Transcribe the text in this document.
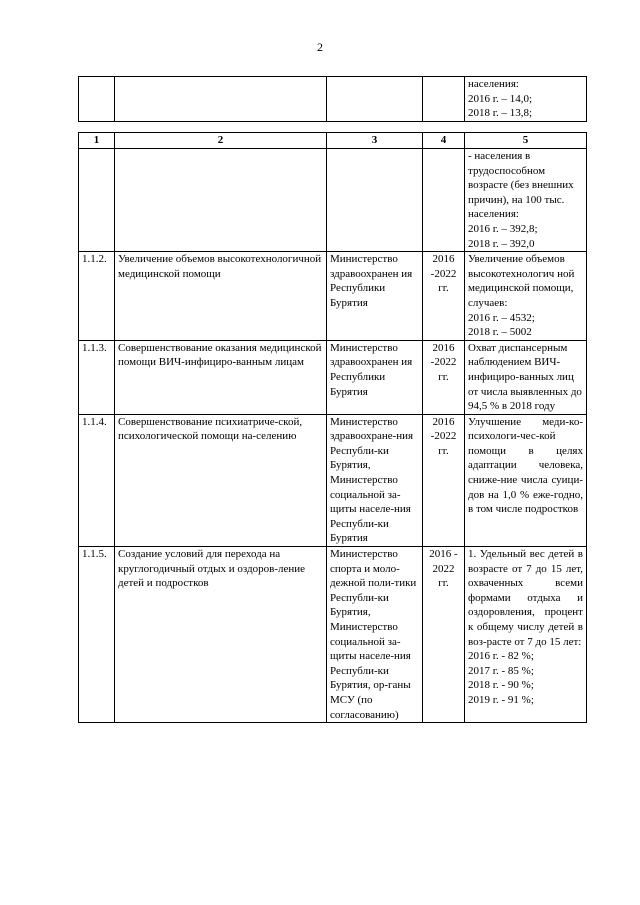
2
				населения:
2016 г. – 14,0;
2018 г. – 13,8;
1	2	3	4	5
				- населения в трудоспособном возрасте (без внешних причин), на 100 тыс. населения:
2016 г. – 392,8;
2018 г. – 392,0
1.1.2.	Увеличение объемов высокотехнологичной медицинской помощи	Министерство здравоохранен ия Республики Бурятия	2016 -2022 гг.	Увеличение объемов высокотехнологич ной медицинской помощи, случаев:
2016 г. – 4532;
2018 г. – 5002
1.1.3.	Совершенствование оказания медицинской помощи ВИЧ-инфициро-ванным лицам	Министерство здравоохранен ия Республики Бурятия	2016 -2022 гг.	Охват диспансерным наблюдением ВИЧ-инфициро-ванных лиц от числа выявленных до 94,5 % в 2018 году
1.1.4.	Совершенствование психиатриче-ской, психологической помощи на-селению	Министерство здравоохране-ния Республи-ки Бурятия, Министерство социальной за-щиты населе-ния Республи-ки Бурятия	2016 -2022 гг.	Улучшение меди-ко-психологи-чес-кой помощи в целях адаптации человека, сниже-ние числа суици-дов на 1,0 % еже-годно, в том числе подростков
1.1.5.	Создание условий для перехода на круглогодичный отдых и оздоров-ление детей и подростков	Министерство спорта и моло-дежной поли-тики Республи-ки Бурятия, Министерство социальной за-щиты населе-ния Республи-ки Бурятия, ор-ганы МСУ (по согласованию)	2016 - 2022 гг.	1. Удельный вес детей в возрасте от 7 до 15 лет, охваченных всеми формами отдыха и оздоровления, процент к общему числу детей в воз-расте от 7 до 15 лет:
2016 г. - 82 %;
2017 г. - 85 %;
2018 г. - 90 %;
2019 г. - 91 %;
